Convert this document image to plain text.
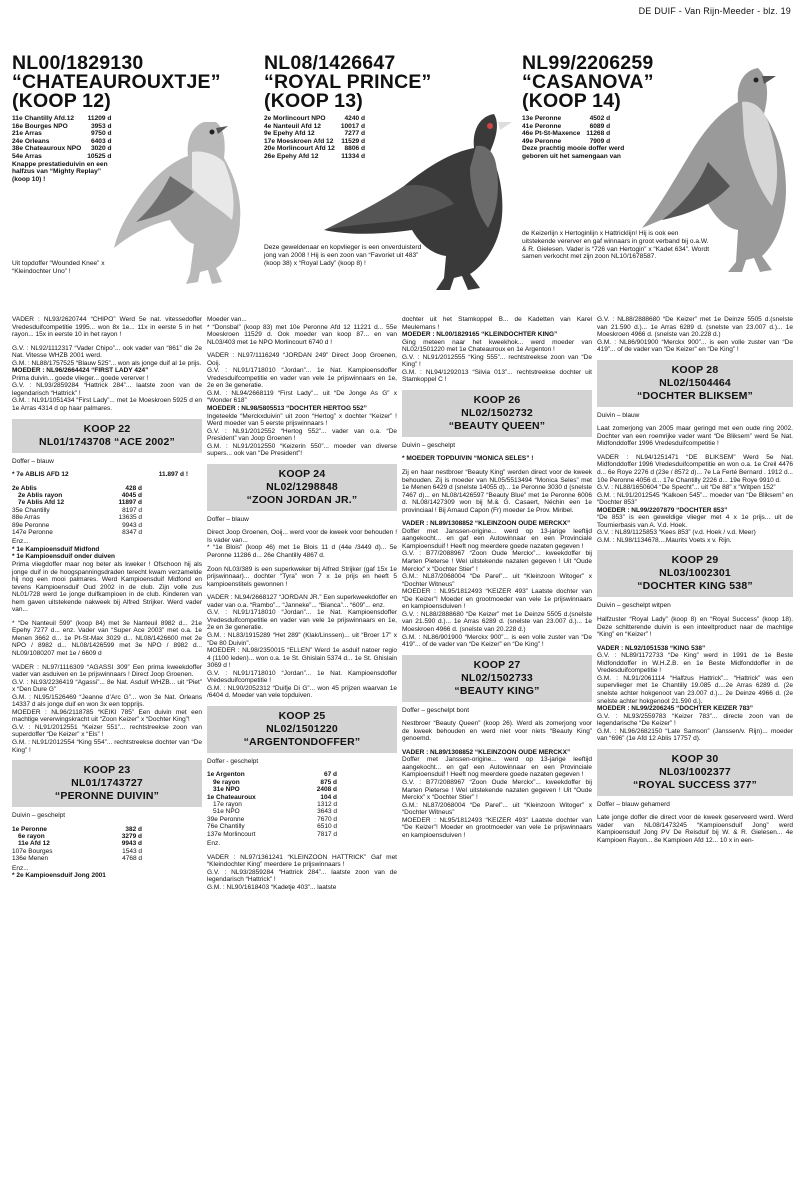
DE DUIF - Van Rijn-Meeder - blz. 19
NL00/1829130
“CHATEAUROUXTJE”
(KOOP 12)
11e Chantilly Afd.12	11209 d
16e Bourges NPO	3953 d
21e Arras	9750 d
24e Orleans	6403 d
38e Chateauroux NPO	3020 d
54e Arras	10525 d
Knappe prestatieduivin en een halfzus van “Mighty Replay” (koop 10) !
Uit topdoffer “Wounded Knee” x “Kleindochter Uno” !
NL08/1426647
“ROYAL PRINCE”
(KOOP 13)
2e Morlincourt NPO	4240 d
4e Nanteuil Afd 12	10017 d
9e Epehy Afd 12	7277 d
17e Moeskroen Afd 12	11529 d
20e Morlincourt Afd 12	8806 d
26e Epehy Afd 12	11334 d
Deze geweldenaar en kopvlieger is een onverduisterd jong van 2008 ! Hij is een zoon van “Favoriet uit 483” (koop 38) x “Royal Lady” (koop 8) !
NL99/2206259
“CASANOVA”
(KOOP 14)
13e Peronne	4502 d
41e Peronne	6089 d
46e Pt-St-Maxence	11268 d
49e Peronne	7909 d
Deze prachtig mooie doffer werd geboren uit het samengaan van
de Keizerlijn x Hertoginlijn x Hattricklijn! Hij is ook een uitstekende vererver en gaf winnaars in groot verband bij o.a.W. & R. Gielesen. Vader is “726 van Hertogin” x “Kadet 634”. Wordt samen verkocht met zijn zoon NL10/1678587.

VADER : NL93/2620744 “CHIPO” Werd 5e nat. vitessedoffer Vredesduifcompetitie 1995... won 8x 1e... 11x in eerste 5 in het rayon... 15x in eerste 10 in het rayon !

G.V. : NL92/1112317 “Vader Chipo”... ook vader van “861” die 2e Nat. Vitesse WHZB 2001 werd.

G.M. : NL88/1757525 “Blauw 525”... won als jonge duif al 1e prijs.

MOEDER : NL96/2664424 “FIRST LADY 424”

Prima duivin... goede vlieger... goede vererver !

G.V. : NL93/2859284 “Hattrick 284”... laatste zoon van de legendarisch “Hattrick” !

G.M. : NL91/1051434 “First Lady”... met 1e Moeskroen 5925 d en 1e Arras 4314 d op haar palmares.

KOOP 22
NL01/1743708 “ACE 2002”

Doffer – blauw

* 7e ABLIS AFD 12	11.897 d !
2e Ablis	428 d
2e Ablis rayon	4045 d
7e Ablis Afd 12	11897 d
35e Chantilly	8197 d
88e Arras	13635 d
89e Peronne	9943 d
147e Peronne	8347 d

Enz...

* 1e Kampioensduif Midfond

* 1e Kampioensduif onder duiven

Prima vliegdoffer maar nog beter als kweker ! Ofschoon hij als jonge duif in de hoogspanningsdraden terecht kwam verzamelde hij nog een mooi palmares. Werd Kampioensduif Midfond en tevens Kampioensduif Oud 2002 in de club. Zijn volle zus NL01/728 werd 1e jonge duifkampioen in de club. Kinderen van hem gaven uitstekende nakweek bij Alfred Strijker. Werd vader van...

* “De Nanteuil 599” (koop 84) met 3e Nanteuil 8982 d... 21e Epehy 7277 d... enz. Vader van “Super Ace 2003” met o.a. 1e Menen 3662 d... 1e Pt-St-Max 3029 d... NL08/1426600 met 2e NPO / 8982 d... NL08/1426599 met 3e NPO / 8982 d... NL09/1080207 met 1e / 6609 d

VADER : NL97/1116309 “AGASSI 309” Een prima kweekdoffer vader van asduiven en 1e prijswinnaars ! Direct Joop Groenen.

G.V. : NL93/2236419 “Agassi”... 8e Nat. Asduif WHZB... uit “Piet” x “Den Dure G”

G.M. : NL95/1526469 “Jeanne d’Arc G”... won 3e Nat. Orleans 14337 d als jonge duif en won 3x een topprijs.

MOEDER : NL96/2118785 “KEIKI 785” Een duivin met een machtige vererwingskracht uit “Zoon Keizer” x “Dochter King”!

G.V. : NL91/2012551 “Keizer 551”... rechtstreekse zoon van superdoffer “De Keizer” x “Els” !

G.M. : NL91/2012554 “King 554”... rechtstreekse dochter van “De King” !

KOOP 23
NL01/1743727
“PERONNE DUIVIN”

Duivin – geschelpt

1e Peronne	382 d
6e rayon	3279 d
11e Afd 12	9943 d
107e Bourges	1543 d
136e Menen	4768 d

Enz...

* 2e Kampioensduif Jong 2001

Moeder van...

* “Donsbal” (koop 83) met 10e Peronne Afd 12 11221 d... 55e Moeskroen 11529 d. Ook moeder van koop 87... en van NL03/403 met 1e NPO Morlincourt 6740 d !

VADER : NL97/1116249 “JORDAN 249” Direct Joop Groenen, Ooij.

G.V. : NL91/1718010 “Jordan”... 1e Nat. Kampioensdoffer Vredesduifcompetitie en vader van vele 1e prijswinnaars en 1e, 2e en 3e generatie.

G.M. : NL94/2668119 “First Lady”... uit “De Jonge As G” x “Wonder 618”

MOEDER : NL98/5805513 “DOCHTER HERTOG 552”

Ingeteelde “Merckxduivin” uit zoon “Hertog” x dochter “Keizer” ! Werd moeder van 5 eerste prijswinnaars !

G.V. : NL91/2012552 “Hertog 552”... vader van o.a. “De President” van Joop Groenen !

G.M. : NL91/2012550 “Keizerin 550”... moeder van diverse supers... ook van “De President”!

KOOP 24
NL02/1298848
“ZOON JORDAN JR.”

Doffer – blauw

Direct Joop Groenen, Ooij... werd voor de kweek voor behouden ! Is vader van...

* “1e Blois” (koop 46) met 1e Blois 11 d (44e /3449 d)... 5e Peronne 11286 d... 26e Chantilly 4867 d.

Zoon NL03/389 is een superkweker bij Alfred Strijker (gaf 15x 1e prijswinnaar)... dochter “Tyra” won 7 x 1e prijs en heeft 5 kampioenstitels gewonnen !

VADER : NL94/2668127 “JORDAN JR.” Een superkweekdoffer en vader van o.a. “Rambo”... “Janneke”... “Bianca”... “609”... enz.

G.V. : NL91/1718010 “Jordan”... 1e Nat. Kampioensdoffer Vredesduifcompetitie en vader van vele 1e prijswinnaars en 1e, 2e en 3e generatie.

G.M. : NL83/1915289 “Het 289” (Klak/Linssen)... uit “Broer 17” x “De 80 Duivin”.

MOEDER : NL98/2350015 “ELLEN” Werd 1e asduif natoer regio 4 (1100 leden)... won o.a. 1e St. Ghislain 5374 d... 1e St. Ghislain 3069 d !

G.V. : NL91/1718010 “Jordan”... 1e Nat. Kampioensdoffer Vredesduifcompetitie !

G.M. : NL90/2052312 “Duifje Di G”... won 45 prijzen waarvan 1e /6404 d. Moeder van vele topduiven.

KOOP 25
NL02/1501220
“ARGENTONDOFFER”

Doffer - geschelpt

1e Argenton	67 d
9e rayon	875 d
31e NPO	2408 d
1e Chateauroux	104 d
17e rayon	1312 d
51e NPO	3643 d
39e Peronne	7670 d
76e Chantilly	6510 d
137e Morlincourt	7817 d

Enz.

VADER : NL97/1361241 “KLEINZOON HATTRICK” Gaf met “Kleindochter King” meerdere 1e prijswinnaars !

G.V. : NL93/2859284 “Hattrick 284”... laatste zoon van de legendarisch “Hattrick” !

G.M. : NL90/1618403 “Kadetje 403”... laatste

dochter uit het Stamkoppel B... de Kadetten van Karel Meulemans !

MOEDER : NL00/1829165 “KLEINDOCHTER KING”

Ging meteen naar het kweekhok... werd moeder van NL02/1501220 met 1e Chateauroux en 1e Argenton !

G.V. : NL91/2012555 “King 555”... rechtstreekse zoon van “De King” !

G.M. : NL94/1292013 “Silvia 013”... rechtstreekse dochter uit Stamkoppel C !

KOOP 26
NL02/1502732
“BEAUTY QUEEN”

Duivin – geschelpt

* MOEDER TOPDUIVIN “MONICA SELES” !

Zij en haar nestbroer “Beauty King” werden direct voor de kweek behouden. Zij is moeder van NL05/5513494 “Monica Seles” met 1e Menen 6429 d (snelste 14055 d)... 1e Peronne 3030 d (snelste 7467 d)... en NL08/1426597 “Beauty Blue” met 1e Peronne 6006 d. NL08/1427309 won bij M.& G. Casaert, Néchin een 1e provinciaal ! Bij Arnaud Capon (Fr) moeder 1e Prov. Miribel.

VADER : NL89/1308852 “KLEINZOON OUDE MERCKX”

Doffer met Janssen-origine... werd op 13-jarige leeftijd aangekocht... en gaf een Autowinnaar en een Provinciale Kampioensduif ! Heeft nog meerdere goede nazaten gegeven !

G.V. : B77/2088967 “Zoon Oude Merckx”... kweekdoffer bij Marten Pieterse ! Wel uitstekende nazaten gegeven ! Uit “Oude Merckx” x “Dochter Stier” !

G.M.: NL87/2068004 “De Parel”... uit “Kleinzoon Witoger” x “Dochter Witneus”

MOEDER : NL95/1812493 “KEIZER 493” Laatste dochter van “De Keizer”! Moeder en grootmoeder van vele 1e prijswinnaars en kampioensduiven !

G.V. : NL88/2888680 “De Keizer” met 1e Deinze 5505 d.(snelste van 21.590 d.)... 1e Arras 6289 d. (snelste van 23.007 d.)... 1e Moeskroen 4966 d. (snelste van 20.228 d.)

G.M. : NL86/901900 “Merckx 900”... is een volle zuster van “De 419”... of de vader van “De Keizer” en “De King” !

KOOP 27
NL02/1502733
“BEAUTY KING”

Doffer – geschelpt bont

Nestbroer “Beauty Queen” (koop 26). Werd als zomerjong voor de kweek behouden en werd niet voor niets “Beauty King” genoemd.

VADER : NL89/1308852 “KLEINZOON OUDE MERCKX”

Doffer met Janssen-origine... werd op 13-jarige leeftijd aangekocht... en gaf een Autowinnaar en een Provinciale Kampioensduif ! Heeft nog meerdere goede nazaten gegeven !

G.V. : B77/2088967 “Zoon Oude Merckx”... kweekdoffer bij Marten Pieterse ! Wel uitstekende nazaten gegeven ! Uit “Oude Merckx” x “Dochter Stier” !

G.M.: NL87/2068004 “De Parel”... uit “Kleinzoon Witoger” x “Dochter Witneus”

MOEDER : NL95/1812493 “KEIZER 493” Laatste dochter van “De Keizer”! Moeder en grootmoeder van vele 1e prijswinnaars en kampioensduiven !

G.V. : NL88/2888680 “De Keizer” met 1e Deinze 5505 d.(snelste van 21.590 d.)... 1e Arras 6289 d. (snelste van 23.007 d.)... 1e Moeskroen 4966 d. (snelste van 20.228 d.)

G.M. : NL86/901900 “Merckx 900”... is een volle zuster van “De 419”... of de vader van “De Keizer” en “De King” !

KOOP 28
NL02/1504464
“DOCHTER BLIKSEM”

Duivin – blauw

Laat zomerjong van 2005 maar geringd met een oude ring 2002. Dochter van een roemrijke vader want “De Bliksem” werd 5e Nat. Midfonddoffer 1996 Vredesduifcompetitie !

VADER : NL94/1251471 “DE BLIKSEM” Werd 5e Nat. Midfonddoffer 1996 Vredesduifcompetitie en won o.a. 1e Creil 4476 d... 6e Roye 2276 d (23e / 8572 d)... 7e La Ferté Bernard . 1912 d... 10e Peronne 4056 d... 17e Chantilly 2226 d... 19e Roye 9910 d.

G.V. : NL88/1650604 “De Specht”... uit “De 88” x “Witpen 152”

G.M. : NL91/2012545 “Kalkoen 545”... moeder van “De Bliksem” en “Dochter 853”

MOEDER : NL99/2207879 “DOCHTER 853”

“De 853” is een geweldige vlieger met 4 x 1e prijs... uit de Tournierbasis van A. V.d. Hoek.

G.V. : NL89/1125853 “Kees 853” (v.d. Hoek / v.d. Meer)

G.M. : NL98/1134678....Maurits Voets x v. Rijn.

KOOP 29
NL03/1002301
“DOCHTER KING 538”

Duivin – geschelpt witpen

Halfzuster “Royal Lady” (koop 8) en “Royal Success” (koop 18). Deze schitterende duivin is een inteeltproduct naar de machtige “King” en “Keizer” !

VADER : NL92/1051538 “KING 538”

G.V. : NL89/1172733 “De King” werd in 1991 de 1e Beste Midfonddoffer in W.H.Z.B. en 1e Beste Midfonddoffer in de Vredesduifcompetitie !

G.M. : NL91/2061114 “Halfzus Hattrick”... “Hattrick” was een supervlieger met 1e Chantilly 19.085 d....2e Arras 6289 d. (2e snelste achter hokgenoot van 23.007 d.)... 2e Deinze 4966 d. (2e snelste achter hokgenoot 21.590 d.).

MOEDER : NL99/2206245 “DOCHTER KEIZER 783”

G.V. : NL93/2559783 “Keizer 783”... directe zoon van de legendarische “De Keizer” !

G.M. : NL96/2682150 “Late Samson” (Janssen/v. Rijn)... moeder van “696” (1e Afd 12 Ablis 17757 d).

KOOP 30
NL03/1002377
“ROYAL SUCCESS 377”

Doffer – blauw gehamerd

Late jonge doffer die direct voor de kweek geserveerd werd. Werd vader van NL08/1473245 “Kampioensduif Jong” werd Kampioensduif Jong PV De Reisduif bij W. & R. Gielesen... 4e Kampioen Rayon... 8e Kampioen Afd 12... 10 x in een-
